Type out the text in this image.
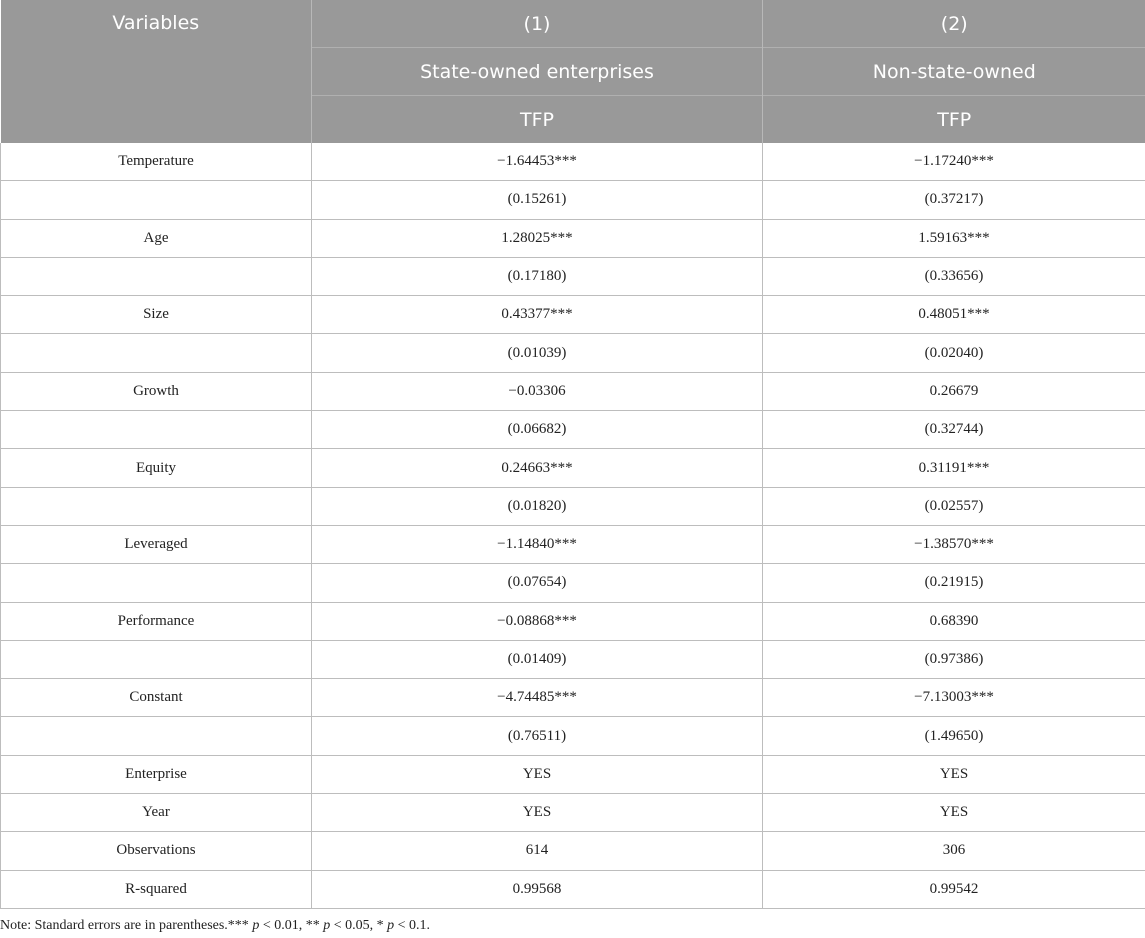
Variables	(1)	(2)
	State-owned enterprises	Non-state-owned
	TFP	TFP
Temperature	−1.64453***	−1.17240***
	(0.15261)	(0.37217)
Age	1.28025***	1.59163***
	(0.17180)	(0.33656)
Size	0.43377***	0.48051***
	(0.01039)	(0.02040)
Growth	−0.03306	0.26679
	(0.06682)	(0.32744)
Equity	0.24663***	0.31191***
	(0.01820)	(0.02557)
Leveraged	−1.14840***	−1.38570***
	(0.07654)	(0.21915)
Performance	−0.08868***	0.68390
	(0.01409)	(0.97386)
Constant	−4.74485***	−7.13003***
	(0.76511)	(1.49650)
Enterprise	YES	YES
Year	YES	YES
Observations	614	306
R-squared	0.99568	0.99542
Note: Standard errors are in parentheses.*** p < 0.01, ** p < 0.05, * p < 0.1.
